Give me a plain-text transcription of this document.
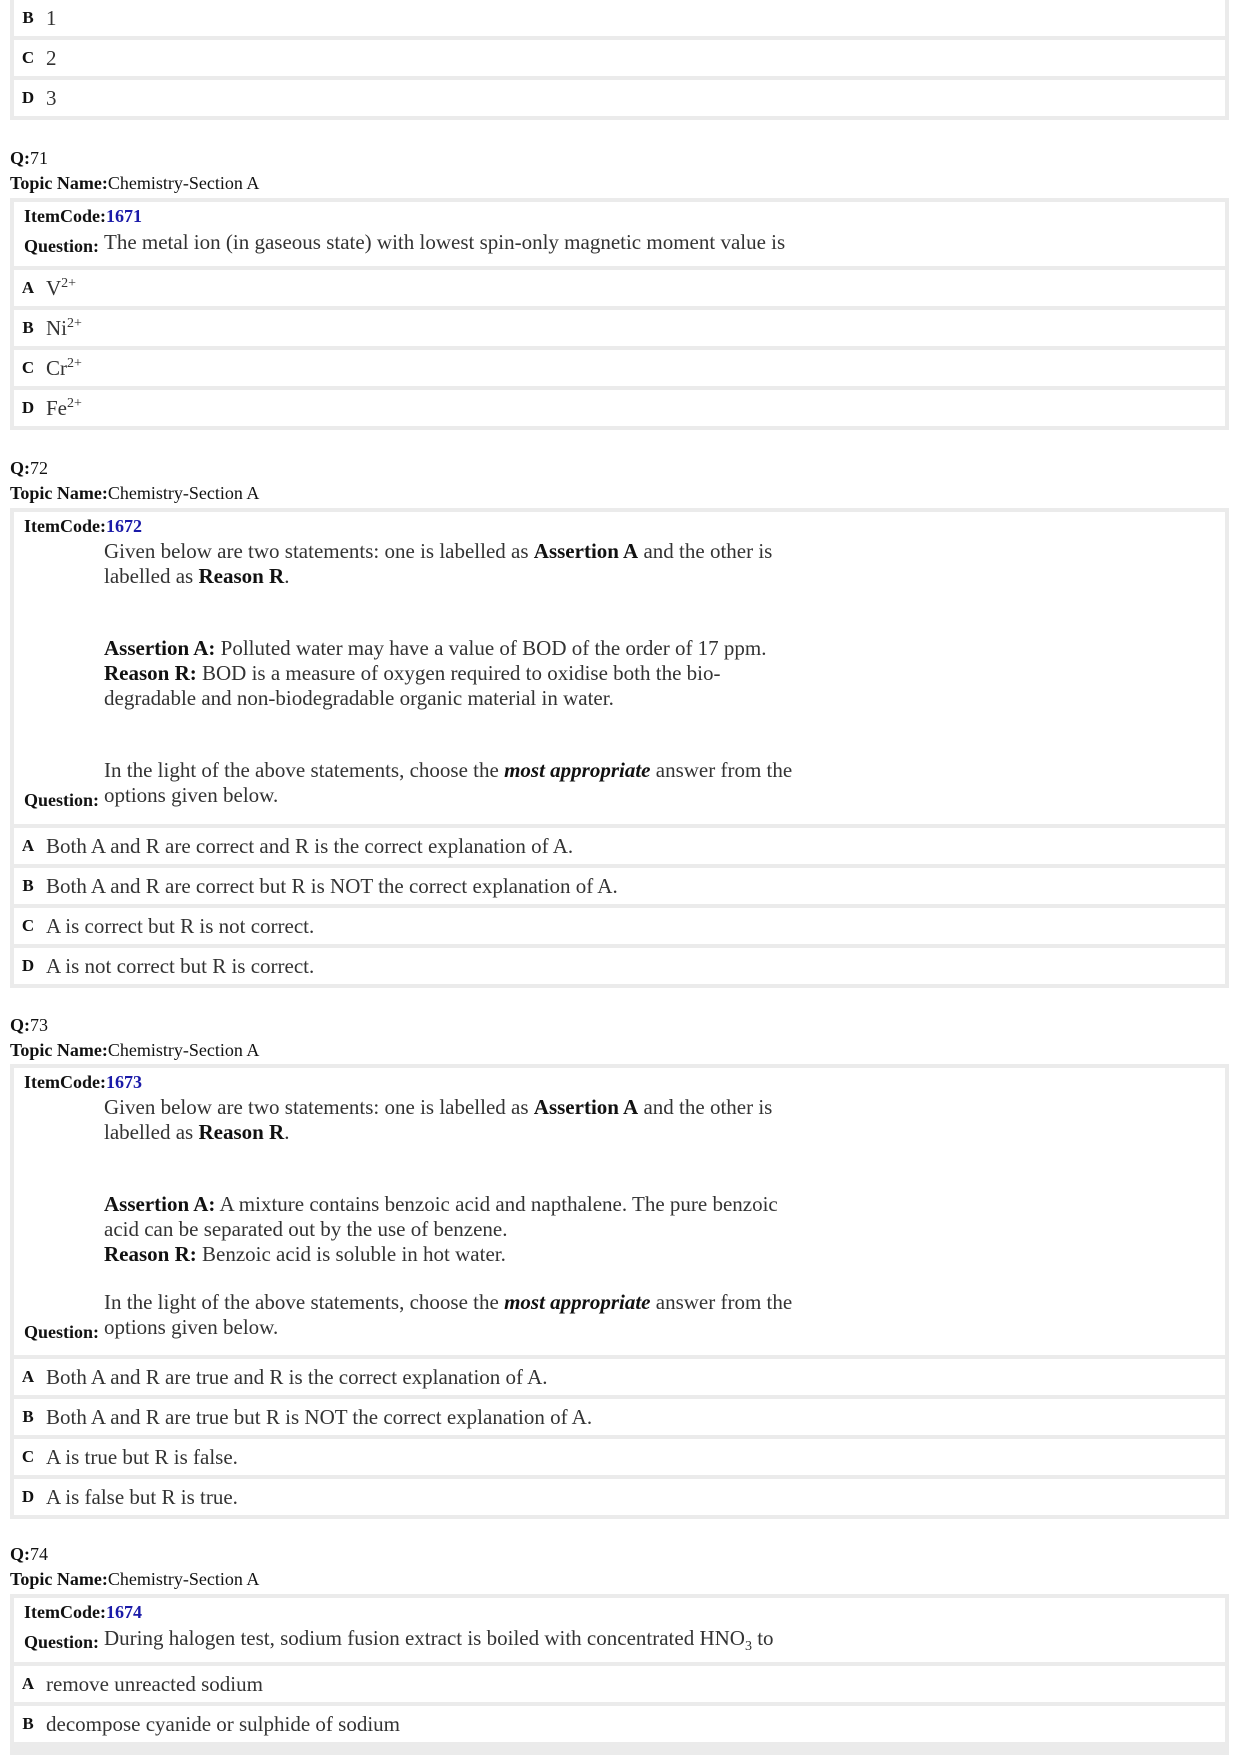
B 1
C 2
D 3
Q:71
Topic Name:Chemistry-Section A
ItemCode:1671
Question: The metal ion (in gaseous state) with lowest spin-only magnetic moment value is
A $V^{2+}$
B $Ni^{2+}$
C $Cr^{2+}$
D $Fe^{2+}$
Q:72
Topic Name:Chemistry-Section A
ItemCode:1672
Given below are two statements: one is labelled as Assertion A and the other is
labelled as Reason R.
Assertion A: Polluted water may have a value of BOD of the order of 17 ppm.
Reason R: BOD is a measure of oxygen required to oxidise both the bio-
degradable and non-biodegradable organic material in water.
In the light of the above statements, choose the most appropriate answer from the
options given below.
Question:
A Both A and R are correct and R is the correct explanation of A.
B Both A and R are correct but R is NOT the correct explanation of A.
C A is correct but R is not correct.
D A is not correct but R is correct.
Q:73
Topic Name:Chemistry-Section A
ItemCode:1673
Given below are two statements: one is labelled as Assertion A and the other is
labelled as Reason R.
Assertion A: A mixture contains benzoic acid and napthalene. The pure benzoic
acid can be separated out by the use of benzene.
Reason R: Benzoic acid is soluble in hot water.
In the light of the above statements, choose the most appropriate answer from the
options given below.
Question:
A Both A and R are true and R is the correct explanation of A.
B Both A and R are true but R is NOT the correct explanation of A.
C A is true but R is false.
D A is false but R is true.
Q:74
Topic Name:Chemistry-Section A
ItemCode:1674
Question: During halogen test, sodium fusion extract is boiled with concentrated $HNO_3$ to
A remove unreacted sodium
B decompose cyanide or sulphide of sodium
